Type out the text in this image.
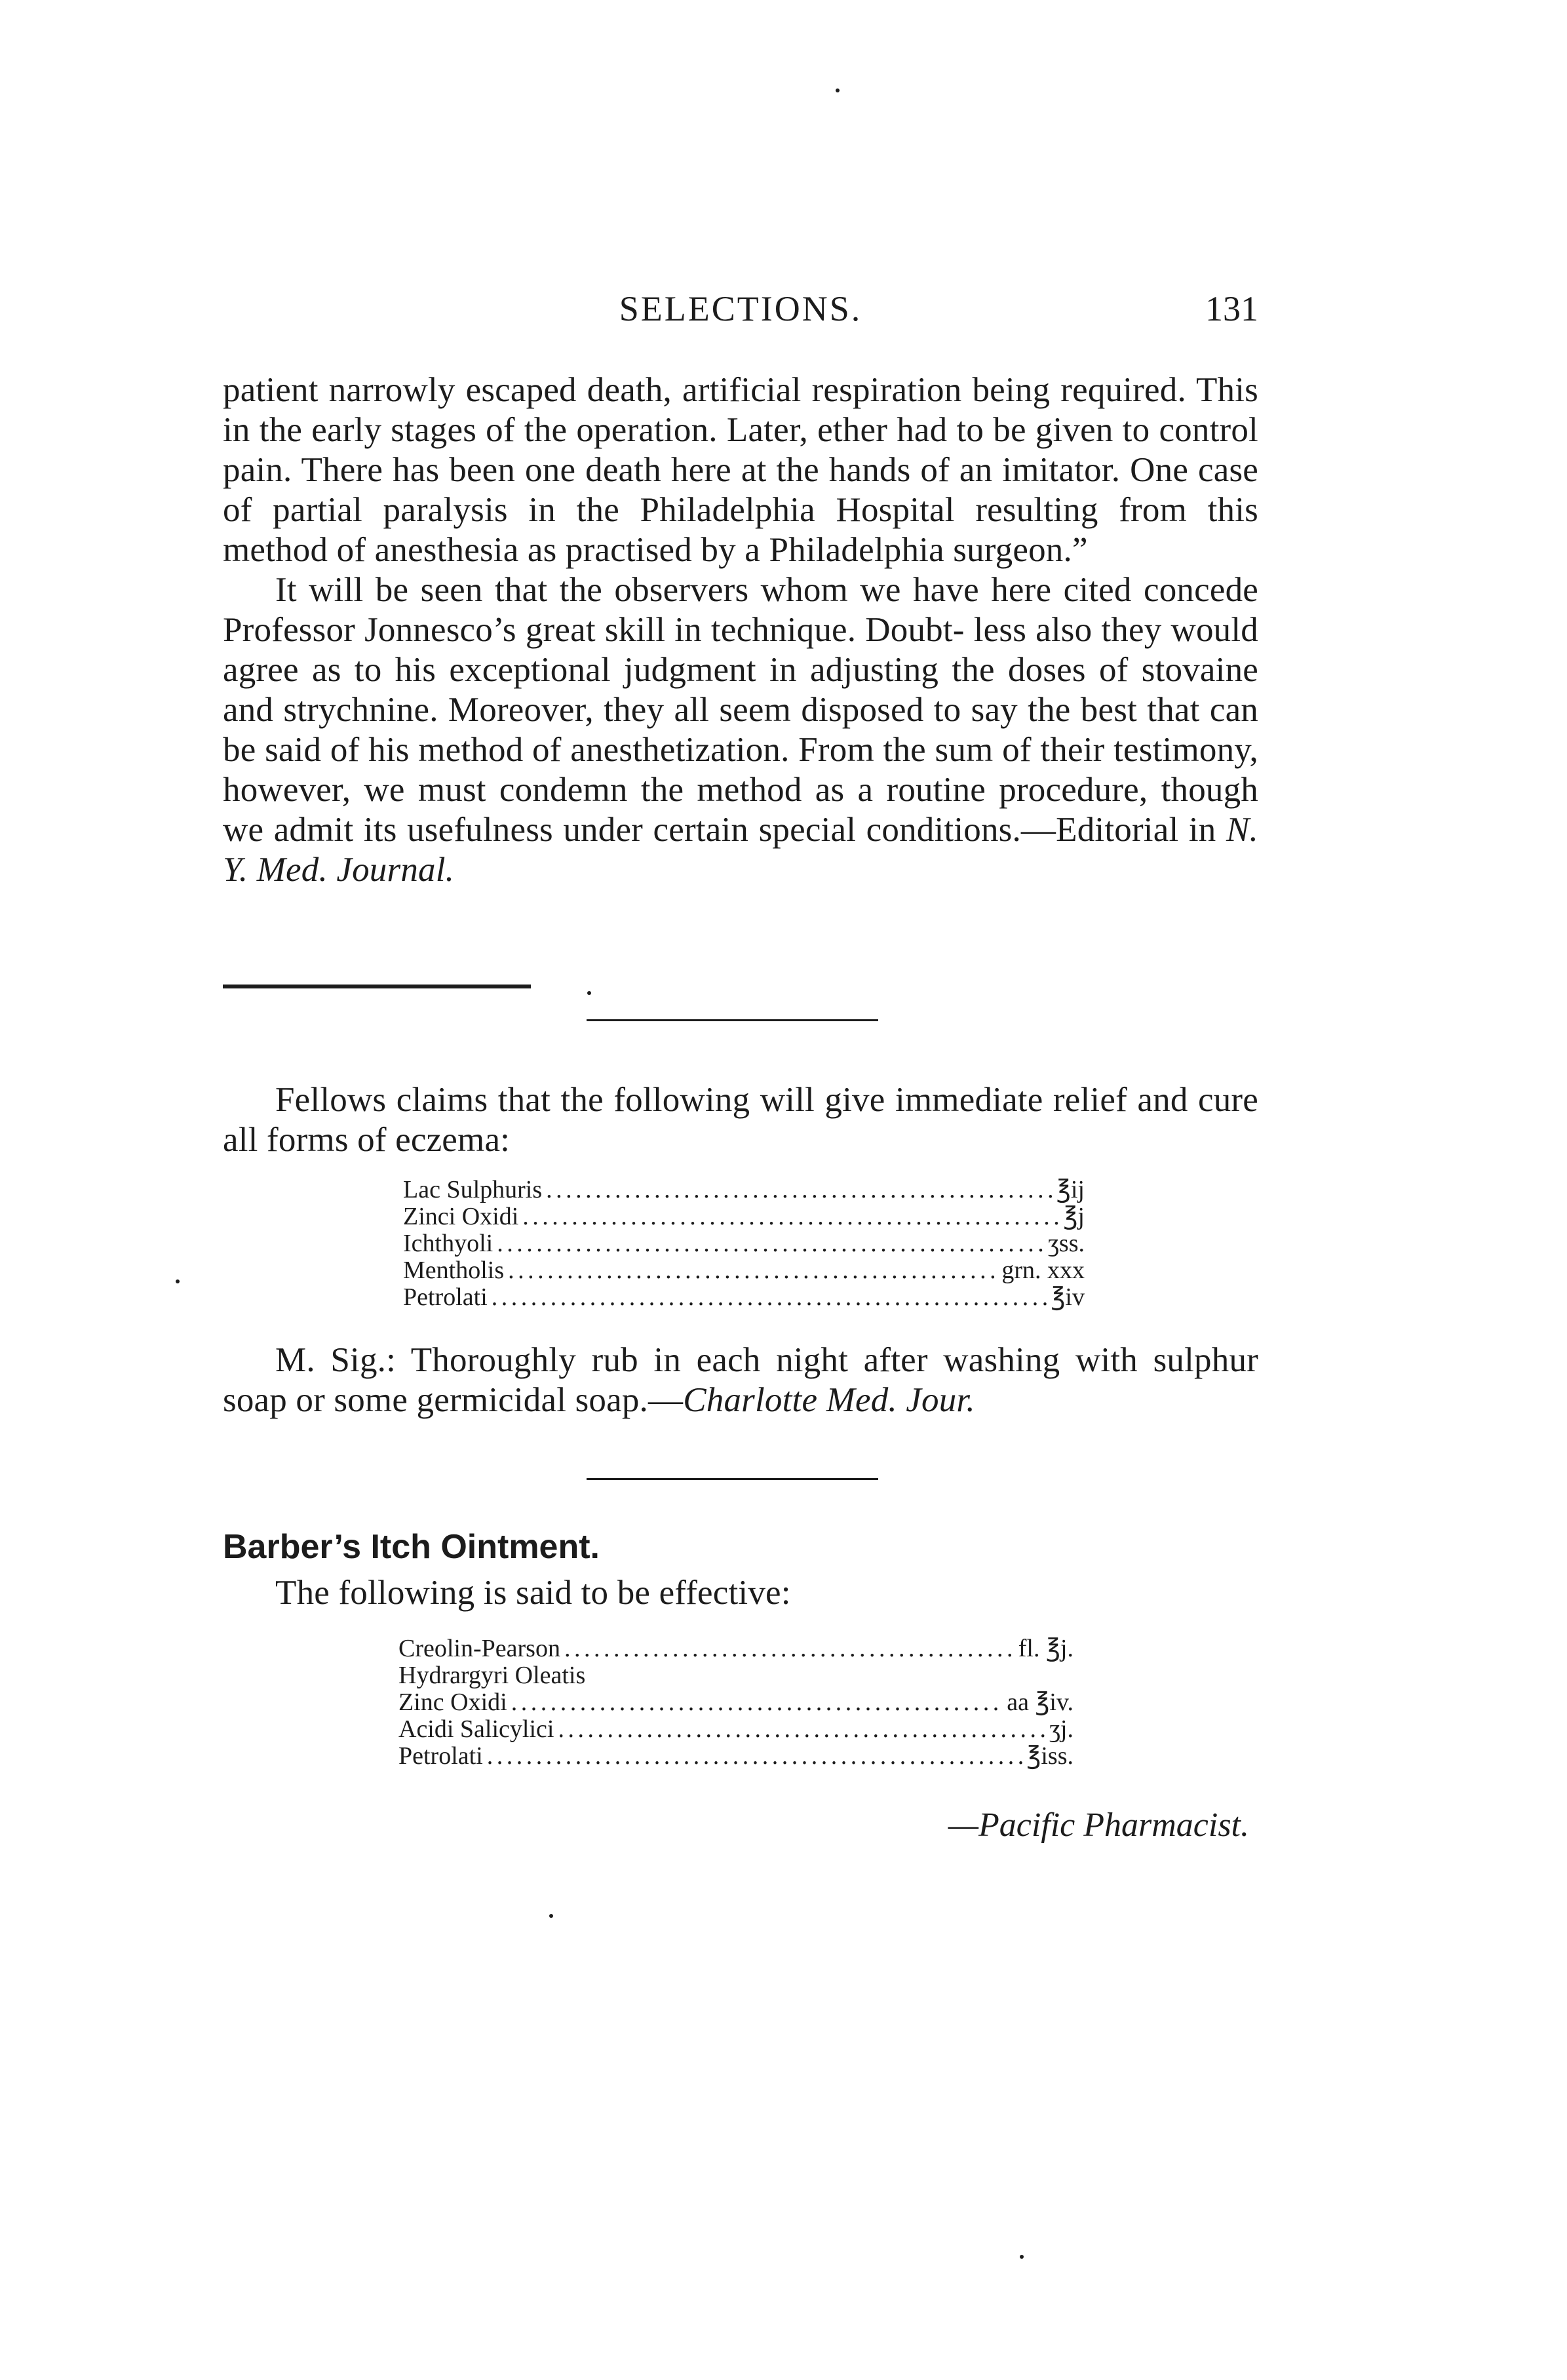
SELECTIONS.	131

patient narrowly escaped death, artificial respiration being required. This in the early stages of the operation. Later, ether had to be given to control pain. There has been one death here at the hands of an imitator. One case of partial paralysis in the Philadelphia Hospital resulting from this method of anesthesia as practised by a Philadelphia surgeon.”

It will be seen that the observers whom we have here cited concede Professor Jonnesco’s great skill in technique. Doubt- less also they would agree as to his exceptional judgment in adjusting the doses of stovaine and strychnine. Moreover, they all seem disposed to say the best that can be said of his method of anesthetization. From the sum of their testimony, however, we must condemn the method as a routine procedure, though we admit its usefulness under certain special conditions.—Editorial in N. Y. Med. Journal.

Fellows claims that the following will give immediate relief and cure all forms of eczema:

Lac Sulphuris . . .	℥ij
Zinci Oxidi . . .	℥j
Ichthyoli . . .	ʒss.
Mentholis . . .	grn. xxx
Petrolati . . .	℥iv

M. Sig.: Thoroughly rub in each night after washing with sulphur soap or some germicidal soap.—Charlotte Med. Jour.

Barber’s Itch Ointment.

The following is said to be effective:

Creolin-Pearson . . .	fl. ℥j.
Hydrargyri Oleatis
Zinc Oxidi . . .	aa ℥iv.
Acidi Salicylici . . .	ʒj.
Petrolati . . .	℥iss.
—Pacific Pharmacist.
